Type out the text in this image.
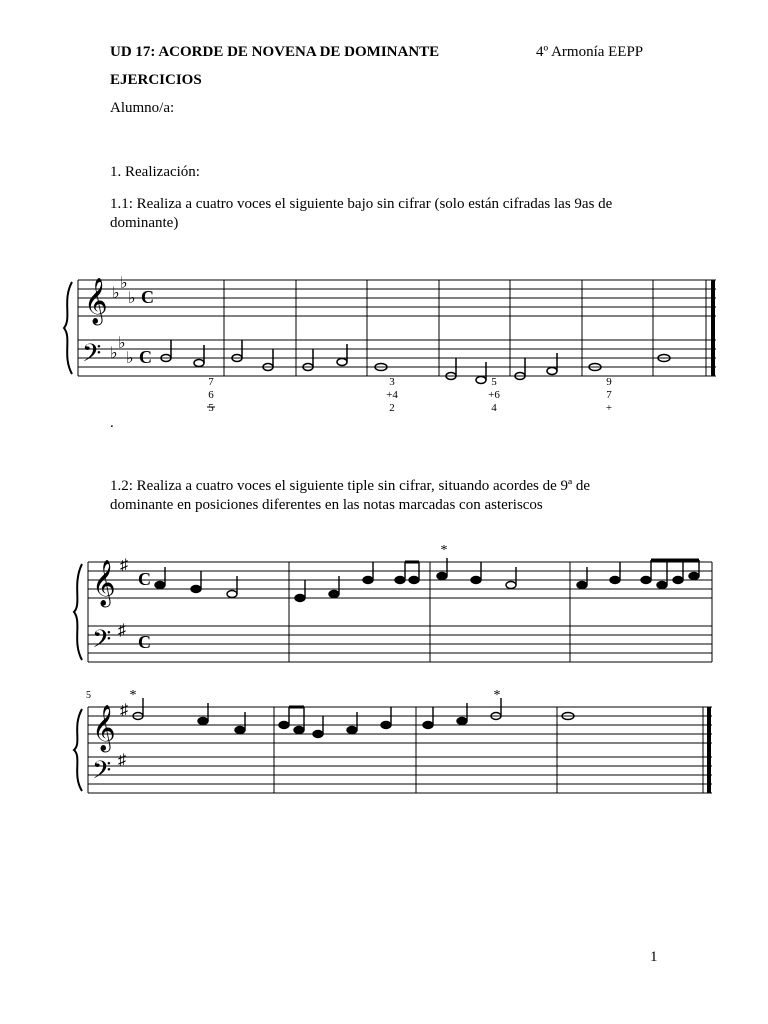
UD 17: ACORDE DE NOVENA DE DOMINANTE	4º Armonía EEPP
EJERCICIOS
Alumno/a:
1. Realización:
1.1: Realiza a cuatro voces el siguiente bajo sin cifrar (solo están cifradas las 9as de dominante)
𝄞
𝄢
♭
♭
♭
♭
♭
♭
C
C
7
6
5
3
+4
2
5
+6
4
9
7
+
.
1.2: Realiza a cuatro voces el siguiente tiple sin cifrar, situando acordes de 9ª de dominante en posiciones diferentes en las notas marcadas con asteriscos
𝄞
𝄢
♯
♯
C
C
*
5
𝄞
𝄢
♯
♯
*	*
1
